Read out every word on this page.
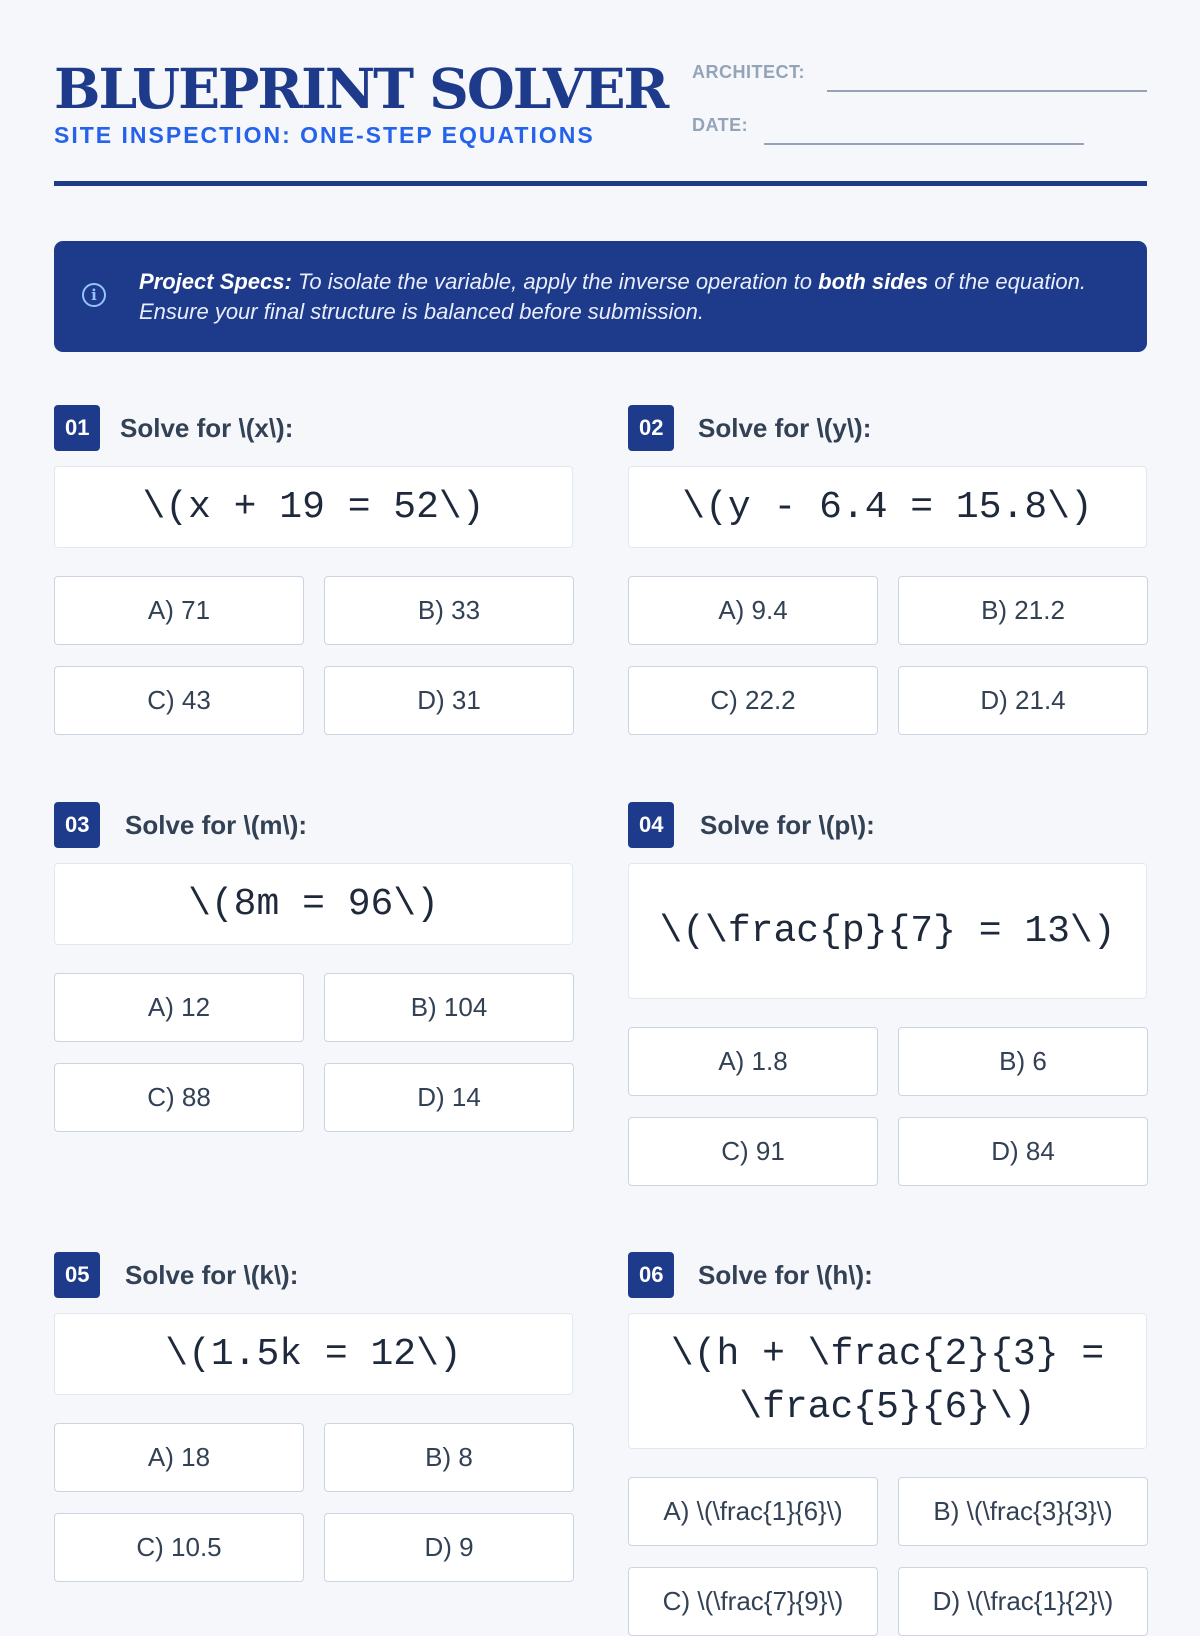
BLUEPRINT SOLVER
SITE INSPECTION: ONE-STEP EQUATIONS
ARCHITECT:
DATE:
i
Project Specs: To isolate the variable, apply the inverse operation to both sides of the equation. Ensure your final structure is balanced before submission.
01	Solve for \(x\):
\(x + 19 = 52\)
A) 71	B) 33
C) 43	D) 31
02	Solve for \(y\):
\(y - 6.4 = 15.8\)
A) 9.4	B) 21.2
C) 22.2	D) 21.4
03	Solve for \(m\):
\(8m = 96\)
A) 12	B) 104
C) 88	D) 14
04	Solve for \(p\):
\(\frac{p}{7} = 13\)
A) 1.8	B) 6
C) 91	D) 84
05	Solve for \(k\):
\(1.5k = 12\)
A) 18	B) 8
C) 10.5	D) 9
06	Solve for \(h\):
\(h + \frac{2}{3} = \frac{5}{6}\)
A) \(\frac{1}{6}\)	B) \(\frac{3}{3}\)
C) \(\frac{7}{9}\)	D) \(\frac{1}{2}\)
